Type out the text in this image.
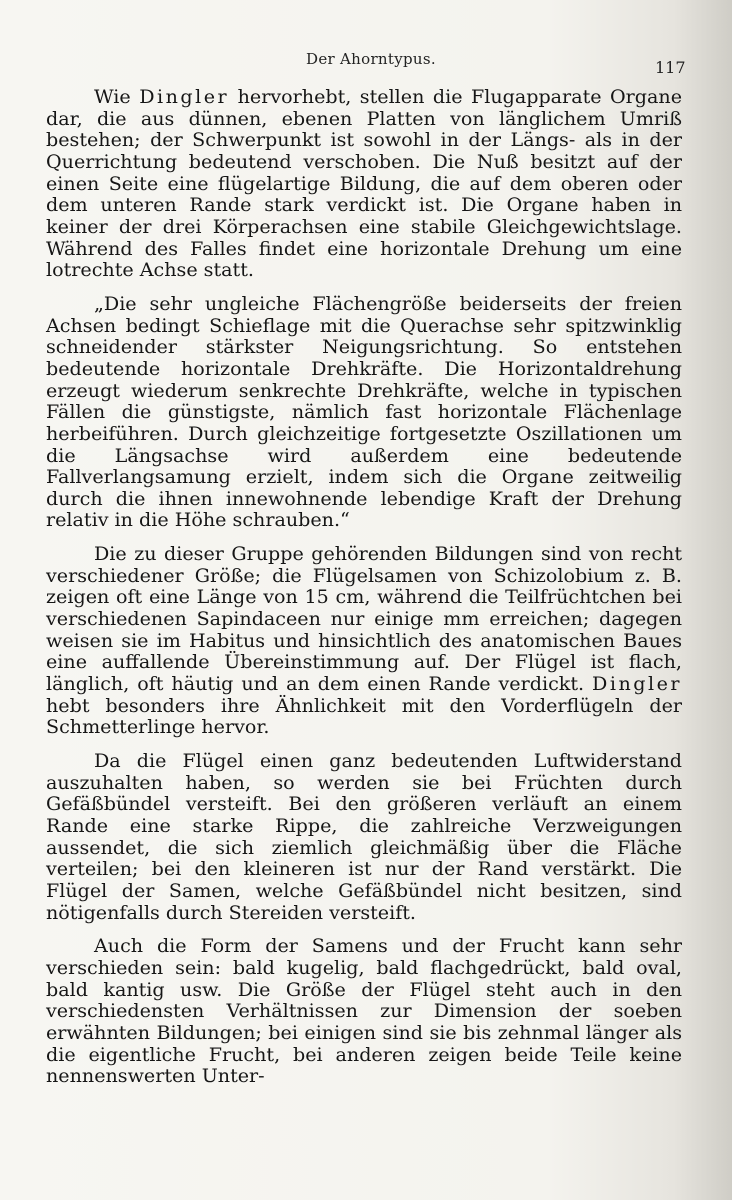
Der Ahorntypus.	117

Wie Dingler hervorhebt, stellen die Flugapparate Organe dar, die aus dünnen, ebenen Platten von länglichem Umriß bestehen; der Schwerpunkt ist sowohl in der Längs- als in der Querrichtung bedeutend verschoben. Die Nuß besitzt auf der einen Seite eine flügelartige Bildung, die auf dem oberen oder dem unteren Rande stark verdickt ist. Die Organe haben in keiner der drei Körperachsen eine stabile Gleichgewichtslage. Während des Falles findet eine horizontale Drehung um eine lotrechte Achse statt.

„Die sehr ungleiche Flächengröße beiderseits der freien Achsen bedingt Schieflage mit die Querachse sehr spitzwinklig schneidender stärkster Neigungsrichtung. So entstehen bedeutende horizontale Drehkräfte. Die Horizontaldrehung erzeugt wiederum senkrechte Drehkräfte, welche in typischen Fällen die günstigste, nämlich fast horizontale Flächenlage herbeiführen. Durch gleichzeitige fortgesetzte Oszillationen um die Längsachse wird außerdem eine bedeutende Fallverlangsamung erzielt, indem sich die Organe zeitweilig durch die ihnen innewohnende lebendige Kraft der Drehung relativ in die Höhe schrauben.“

Die zu dieser Gruppe gehörenden Bildungen sind von recht verschiedener Größe; die Flügelsamen von Schizolobium z. B. zeigen oft eine Länge von 15 cm, während die Teilfrüchtchen bei verschiedenen Sapindaceen nur einige mm erreichen; dagegen weisen sie im Habitus und hinsichtlich des anatomischen Baues eine auffallende Übereinstimmung auf. Der Flügel ist flach, länglich, oft häutig und an dem einen Rande verdickt. Dingler hebt besonders ihre Ähnlichkeit mit den Vorderflügeln der Schmetterlinge hervor.

Da die Flügel einen ganz bedeutenden Luftwiderstand auszuhalten haben, so werden sie bei Früchten durch Gefäßbündel versteift. Bei den größeren verläuft an einem Rande eine starke Rippe, die zahlreiche Verzweigungen aussendet, die sich ziemlich gleichmäßig über die Fläche verteilen; bei den kleineren ist nur der Rand verstärkt. Die Flügel der Samen, welche Gefäßbündel nicht besitzen, sind nötigenfalls durch Stereiden versteift.

Auch die Form der Samens und der Frucht kann sehr verschieden sein: bald kugelig, bald flachgedrückt, bald oval, bald kantig usw. Die Größe der Flügel steht auch in den verschiedensten Verhältnissen zur Dimension der soeben erwähnten Bildungen; bei einigen sind sie bis zehnmal länger als die eigentliche Frucht, bei anderen zeigen beide Teile keine nennenswerten Unter-
